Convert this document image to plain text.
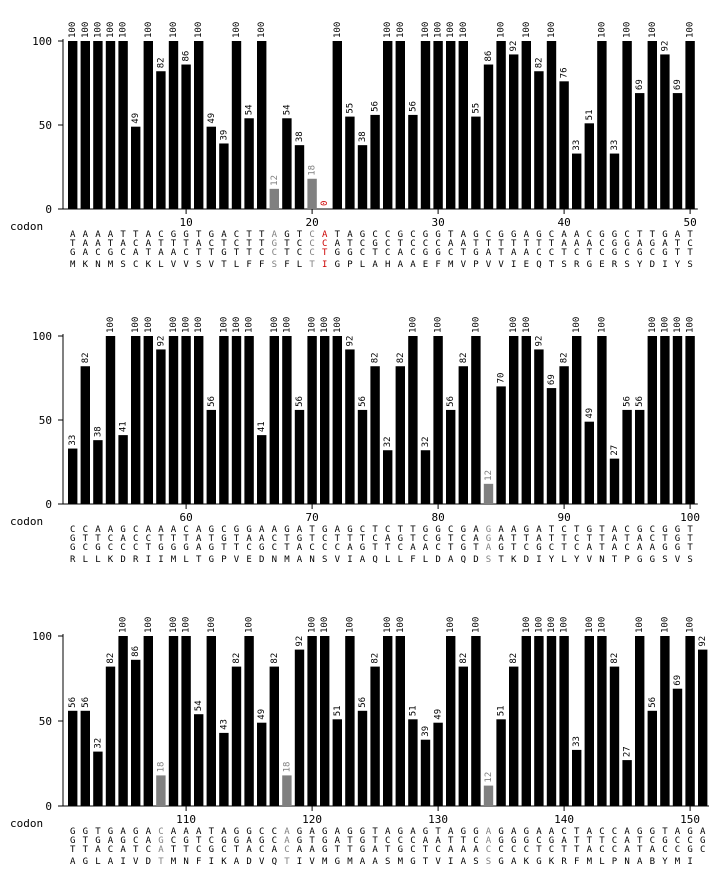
0
50
100
100 100 100 100 100
49
100
82
100
86
100
49
39
100
54
100
12
54
38
18
0
100
55
38
56
100 100
56
100 100 100 100
55
86
100
92
100
82
100
76
33
51
100
33
100
69
100
92
69
100
10	20	30	40	50
codon
A A A A T T A C G G T G A C T T A G T C A T A G C C G C G G T A G C G G A G C A A C G G C T T G A T
T A A T A C A T T T A C T C T T G T C C C A T C G C T C C C A A T T T T T T T A A A C G G A G A T C
G A C G C A T A A C T T G T T C C T C C T G G C T C A C G G C T G A T A A C C T C T C G C G C G T T
M K N M S C K L V V S V T L F F S F L T I G P L A H A A E F M V P V V I E Q T S R G E R S Y D I Y S
0
50
100
33
82
38
100
41
100 100
92
100 100 100
56
100 100 100
41
100 100
56
100 100 100
92
56
82
32
82
100
32
100
56
82
100
12
70
100 100
92
69
82
100
49
100
27
56 56
100 100 100 100
60	70	80	90	100
codon
C C A A G C A A A C A G C G G A A G A T G A G C T C T T G G C G A G A A G A T C T G T A C G C G G T
G T T C A C C T T T A T G T A A C T G T C T T T C A G T C G T C A G A T T A T T C T T A T A C T G T
G C G C C C T G G G A G T T C G C T A C C C A G T T C A A C T G T A G T C G C T C A T A C A A G G T
R L L K D R I I M L T G P V E D N M A N S V I A Q L L F L D A Q D S T K D I Y L Y V N T P G G S V S
0
50
100
56 56
32
82
100
86
100
18
100 100
54
100
43
82
100
49
82
18
92
100 100
51
100
56
82
100 100
51
39
49
100
82
100
12
51
82
100 100 100 100
33
100 100
82
27
100
56
100
69
100
92
110	120	130	140	150
codon
G G T G A G A C A A A T A G G C C A G A G A G G T A G A G T A G G A G A G A A C T A C C A G G T A G A
G T G A G C A G C G T C G G A G C A G T G A T G T C C C A A T T C A G G G C G A T T T C A T C G C C G
T T A C A T C A T T C G C T A C A C A A G T T G A T G C T C A A A C C C C T C T T A C C A T A C C G C
A G L A I V D T M N F I K A D V Q T I V M G M A A S M G T V I A S S G A K G K R F M L P N A B Y M I
